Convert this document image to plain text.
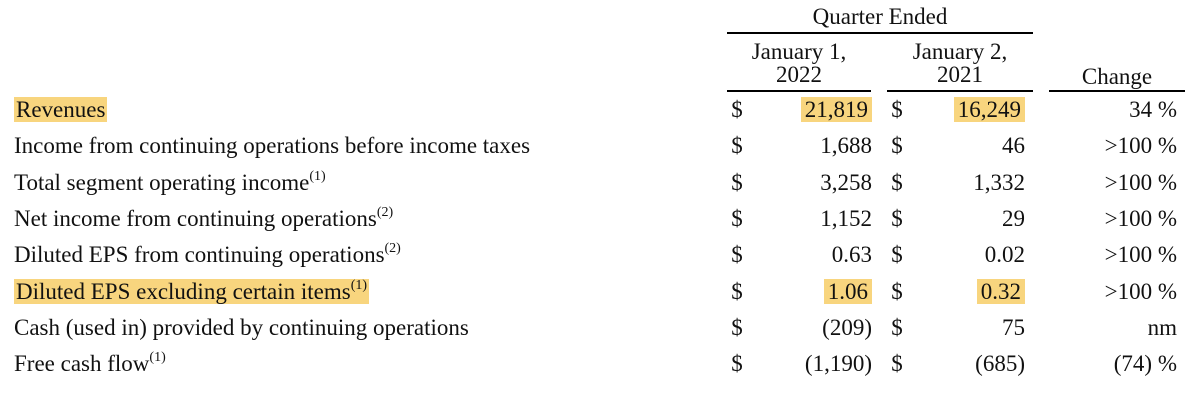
Quarter Ended
January 1,
2022
January 2,
2021	Change
Revenues	$	21,819 $	16,249	34 %
Income from continuing operations before income taxes	$	1,688 $	46	>100 %
Total segment operating income$^{(1)}$	$	3,258 $	1,332	>100 %
Net income from continuing operations$^{(2)}$	$	1,152 $	29	>100 %
Diluted EPS from continuing operations$^{(2)}$	$	0.63 $	0.02	>100 %
Diluted EPS excluding certain items$^{(1)}$	$	1.06 $	0.32	>100 %
Cash (used in) provided by continuing operations	$	(209) $	75	nm
Free cash flow$^{(1)}$	$	(1,190) $	(685)	(74) %
